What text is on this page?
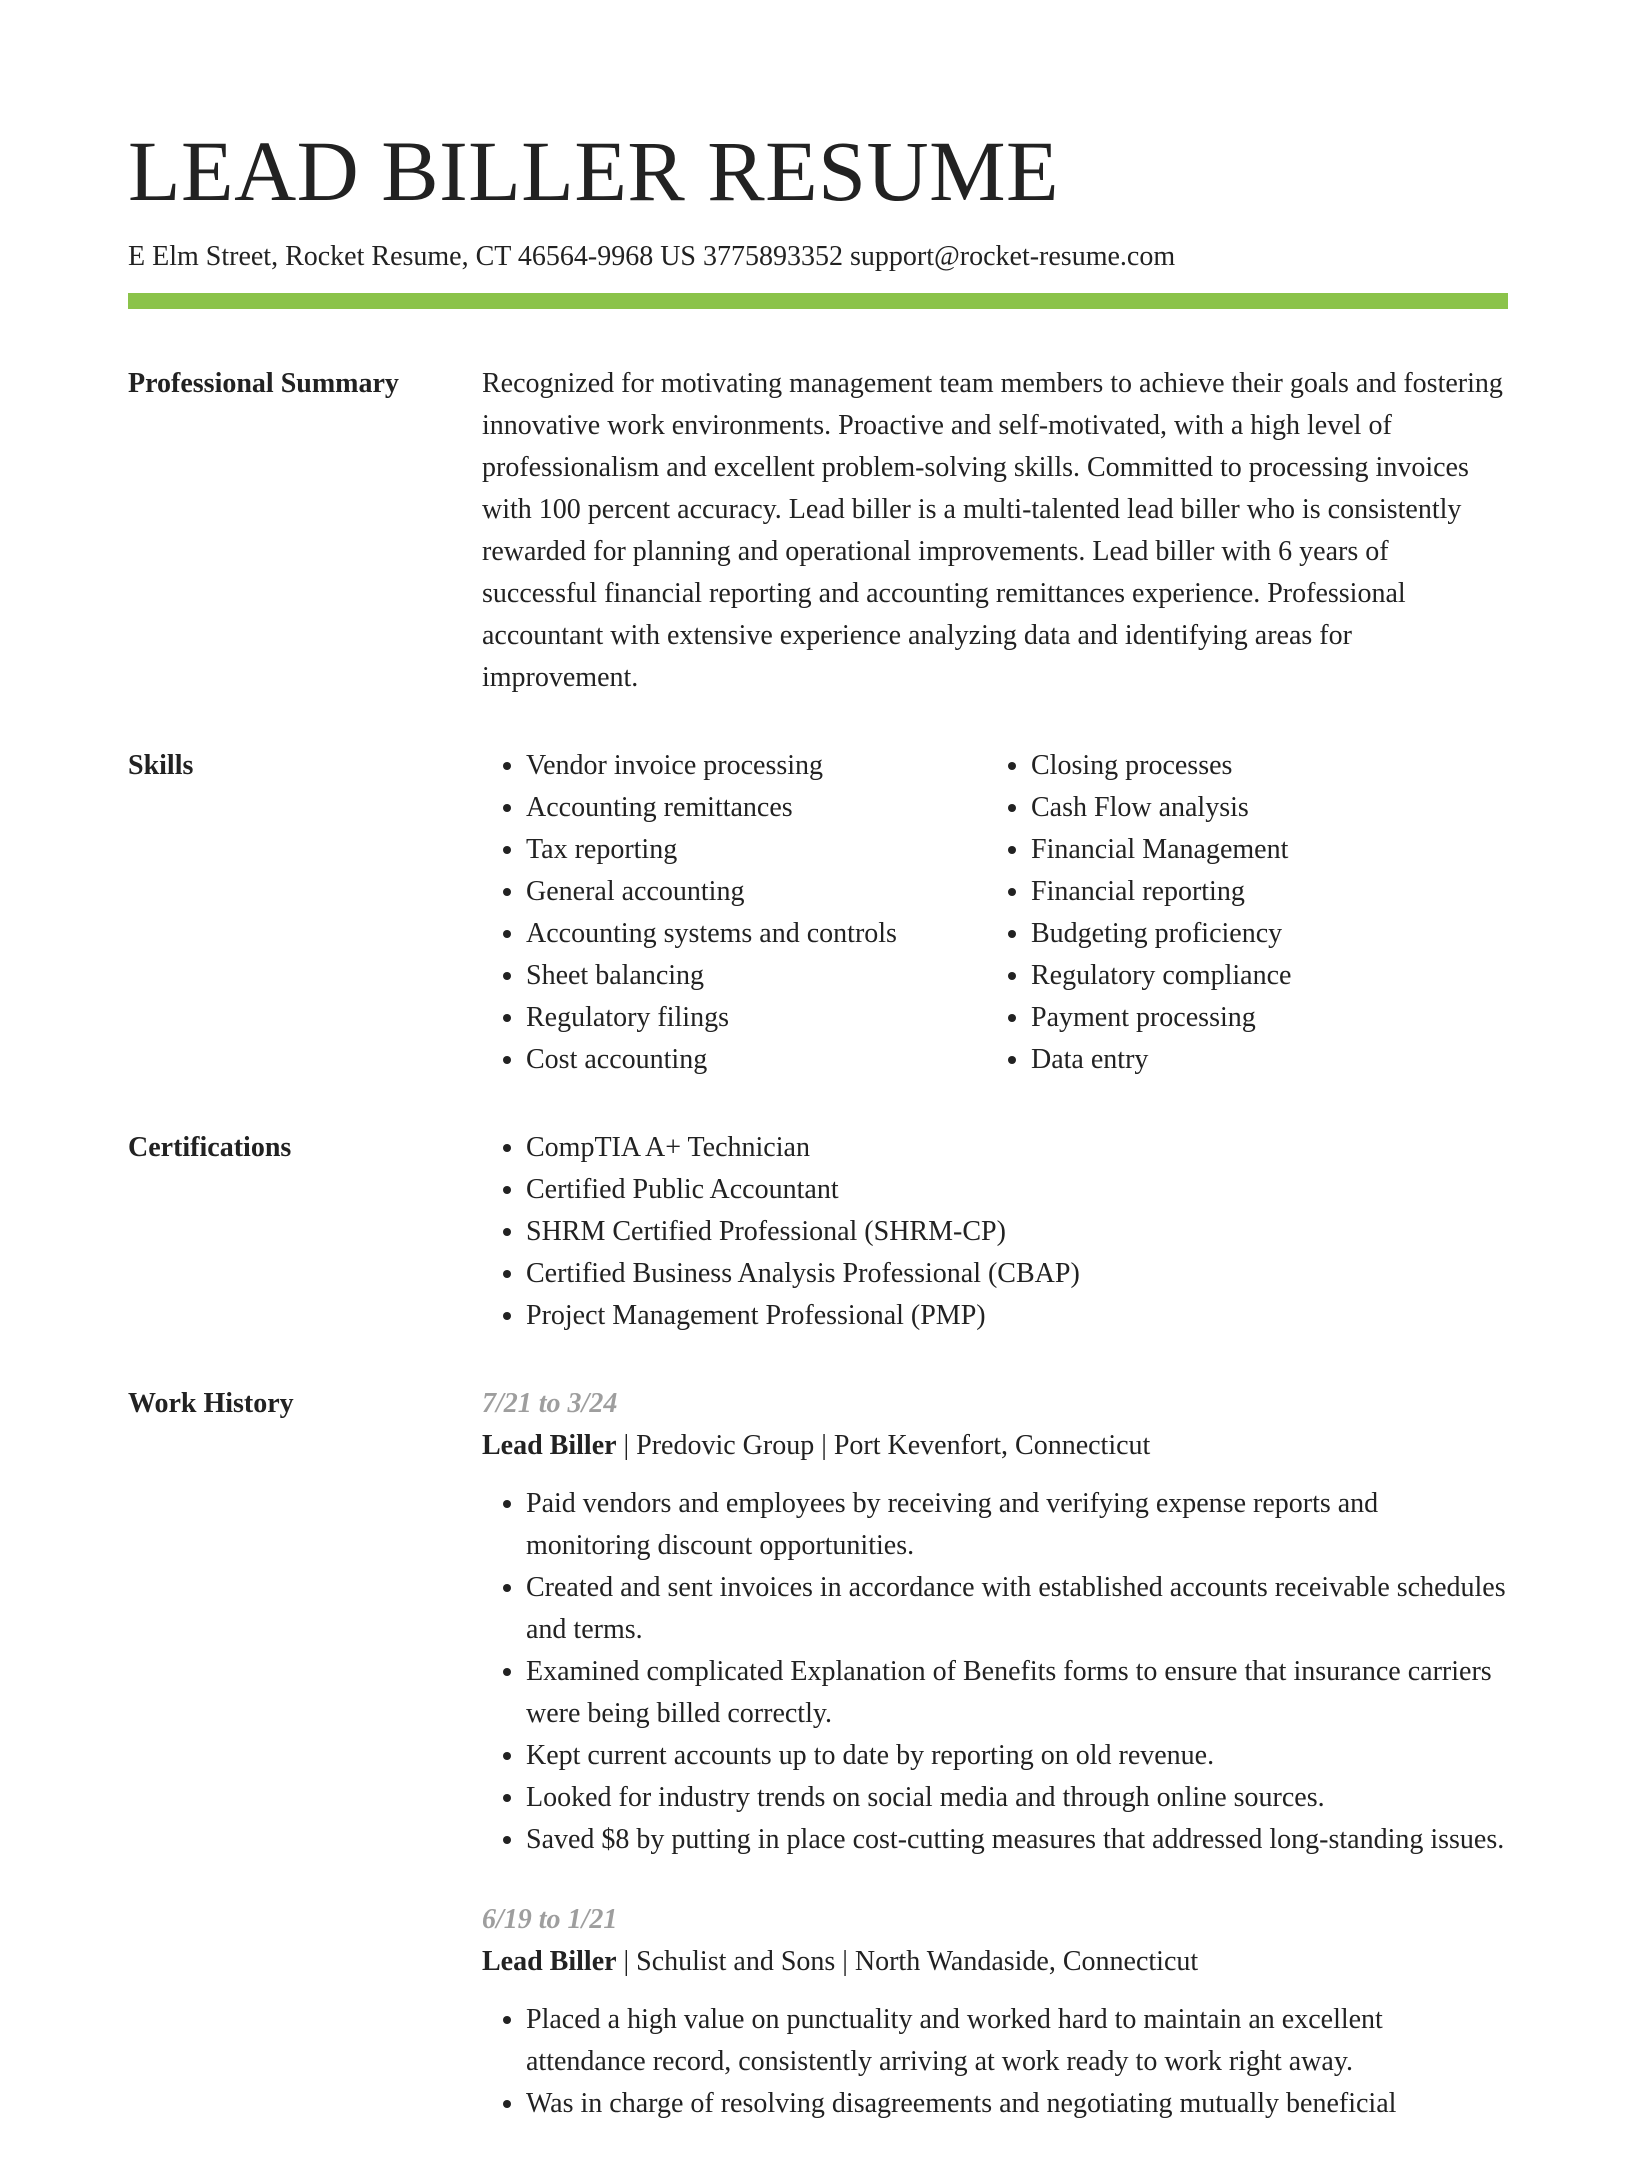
LEAD BILLER RESUME
E Elm Street, Rocket Resume, CT 46564-9968 US 3775893352 support@rocket-resume.com
Professional Summary	Recognized for motivating management team members to achieve their goals and fostering innovative work environments. Proactive and self-motivated, with a high level of professionalism and excellent problem-solving skills. Committed to processing invoices with 100 percent accuracy. Lead biller is a multi-talented lead biller who is consistently rewarded for planning and operational improvements. Lead biller with 6 years of successful financial reporting and accounting remittances experience. Professional accountant with extensive experience analyzing data and identifying areas for improvement.

Skills	• Vendor invoice processing
• Accounting remittances
• Tax reporting
• General accounting
• Accounting systems and controls
• Sheet balancing
• Regulatory filings
• Cost accounting
• Closing processes
• Cash Flow analysis
• Financial Management
• Financial reporting
• Budgeting proficiency
• Regulatory compliance
• Payment processing
• Data entry
Certifications	• CompTIA A+ Technician
• Certified Public Accountant
• SHRM Certified Professional (SHRM-CP)
• Certified Business Analysis Professional (CBAP)
• Project Management Professional (PMP)
Work History	7/21 to 3/24
Lead Biller | Predovic Group | Port Kevenfort, Connecticut
• Paid vendors and employees by receiving and verifying expense reports and monitoring discount opportunities.
• Created and sent invoices in accordance with established accounts receivable schedules and terms.
• Examined complicated Explanation of Benefits forms to ensure that insurance carriers were being billed correctly.
• Kept current accounts up to date by reporting on old revenue.
• Looked for industry trends on social media and through online sources.
• Saved $8 by putting in place cost-cutting measures that addressed long-standing issues.
6/19 to 1/21
Lead Biller | Schulist and Sons | North Wandaside, Connecticut
• Placed a high value on punctuality and worked hard to maintain an excellent attendance record, consistently arriving at work ready to work right away.
• Was in charge of resolving disagreements and negotiating mutually beneficial
